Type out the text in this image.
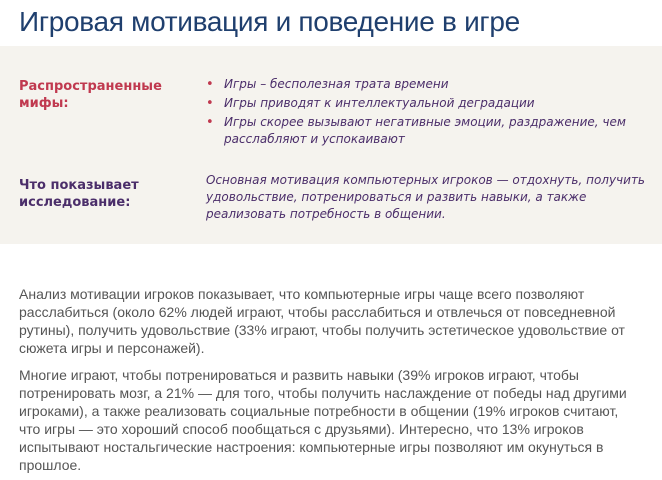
Игровая мотивация и поведение в игре
Распространенные мифы:
• Игры – бесполезная трата времени
• Игры приводят к интеллектуальной деградации
• Игры скорее вызывают негативные эмоции, раздражение, чем расслабляют и успокаивают
Что показывает исследование:

Основная мотивация компьютерных игроков — отдохнуть, получить удовольствие, потренироваться и развить навыки, а также реализовать потребность в общении.

Анализ мотивации игроков показывает, что компьютерные игры чаще всего позволяют расслабиться (около 62% людей играют, чтобы расслабиться и отвлечься от повседневной рутины), получить удовольствие (33% играют, чтобы получить эстетическое удовольствие от сюжета игры и персонажей).

Многие играют, чтобы потренироваться и развить навыки (39% игроков играют, чтобы потренировать мозг, а 21% — для того, чтобы получить наслаждение от победы над другими игроками), а также реализовать социальные потребности в общении (19% игроков считают, что игры — это хороший способ пообщаться с друзьями). Интересно, что 13% игроков испытывают ностальгические настроения: компьютерные игры позволяют им окунуться в прошлое.
